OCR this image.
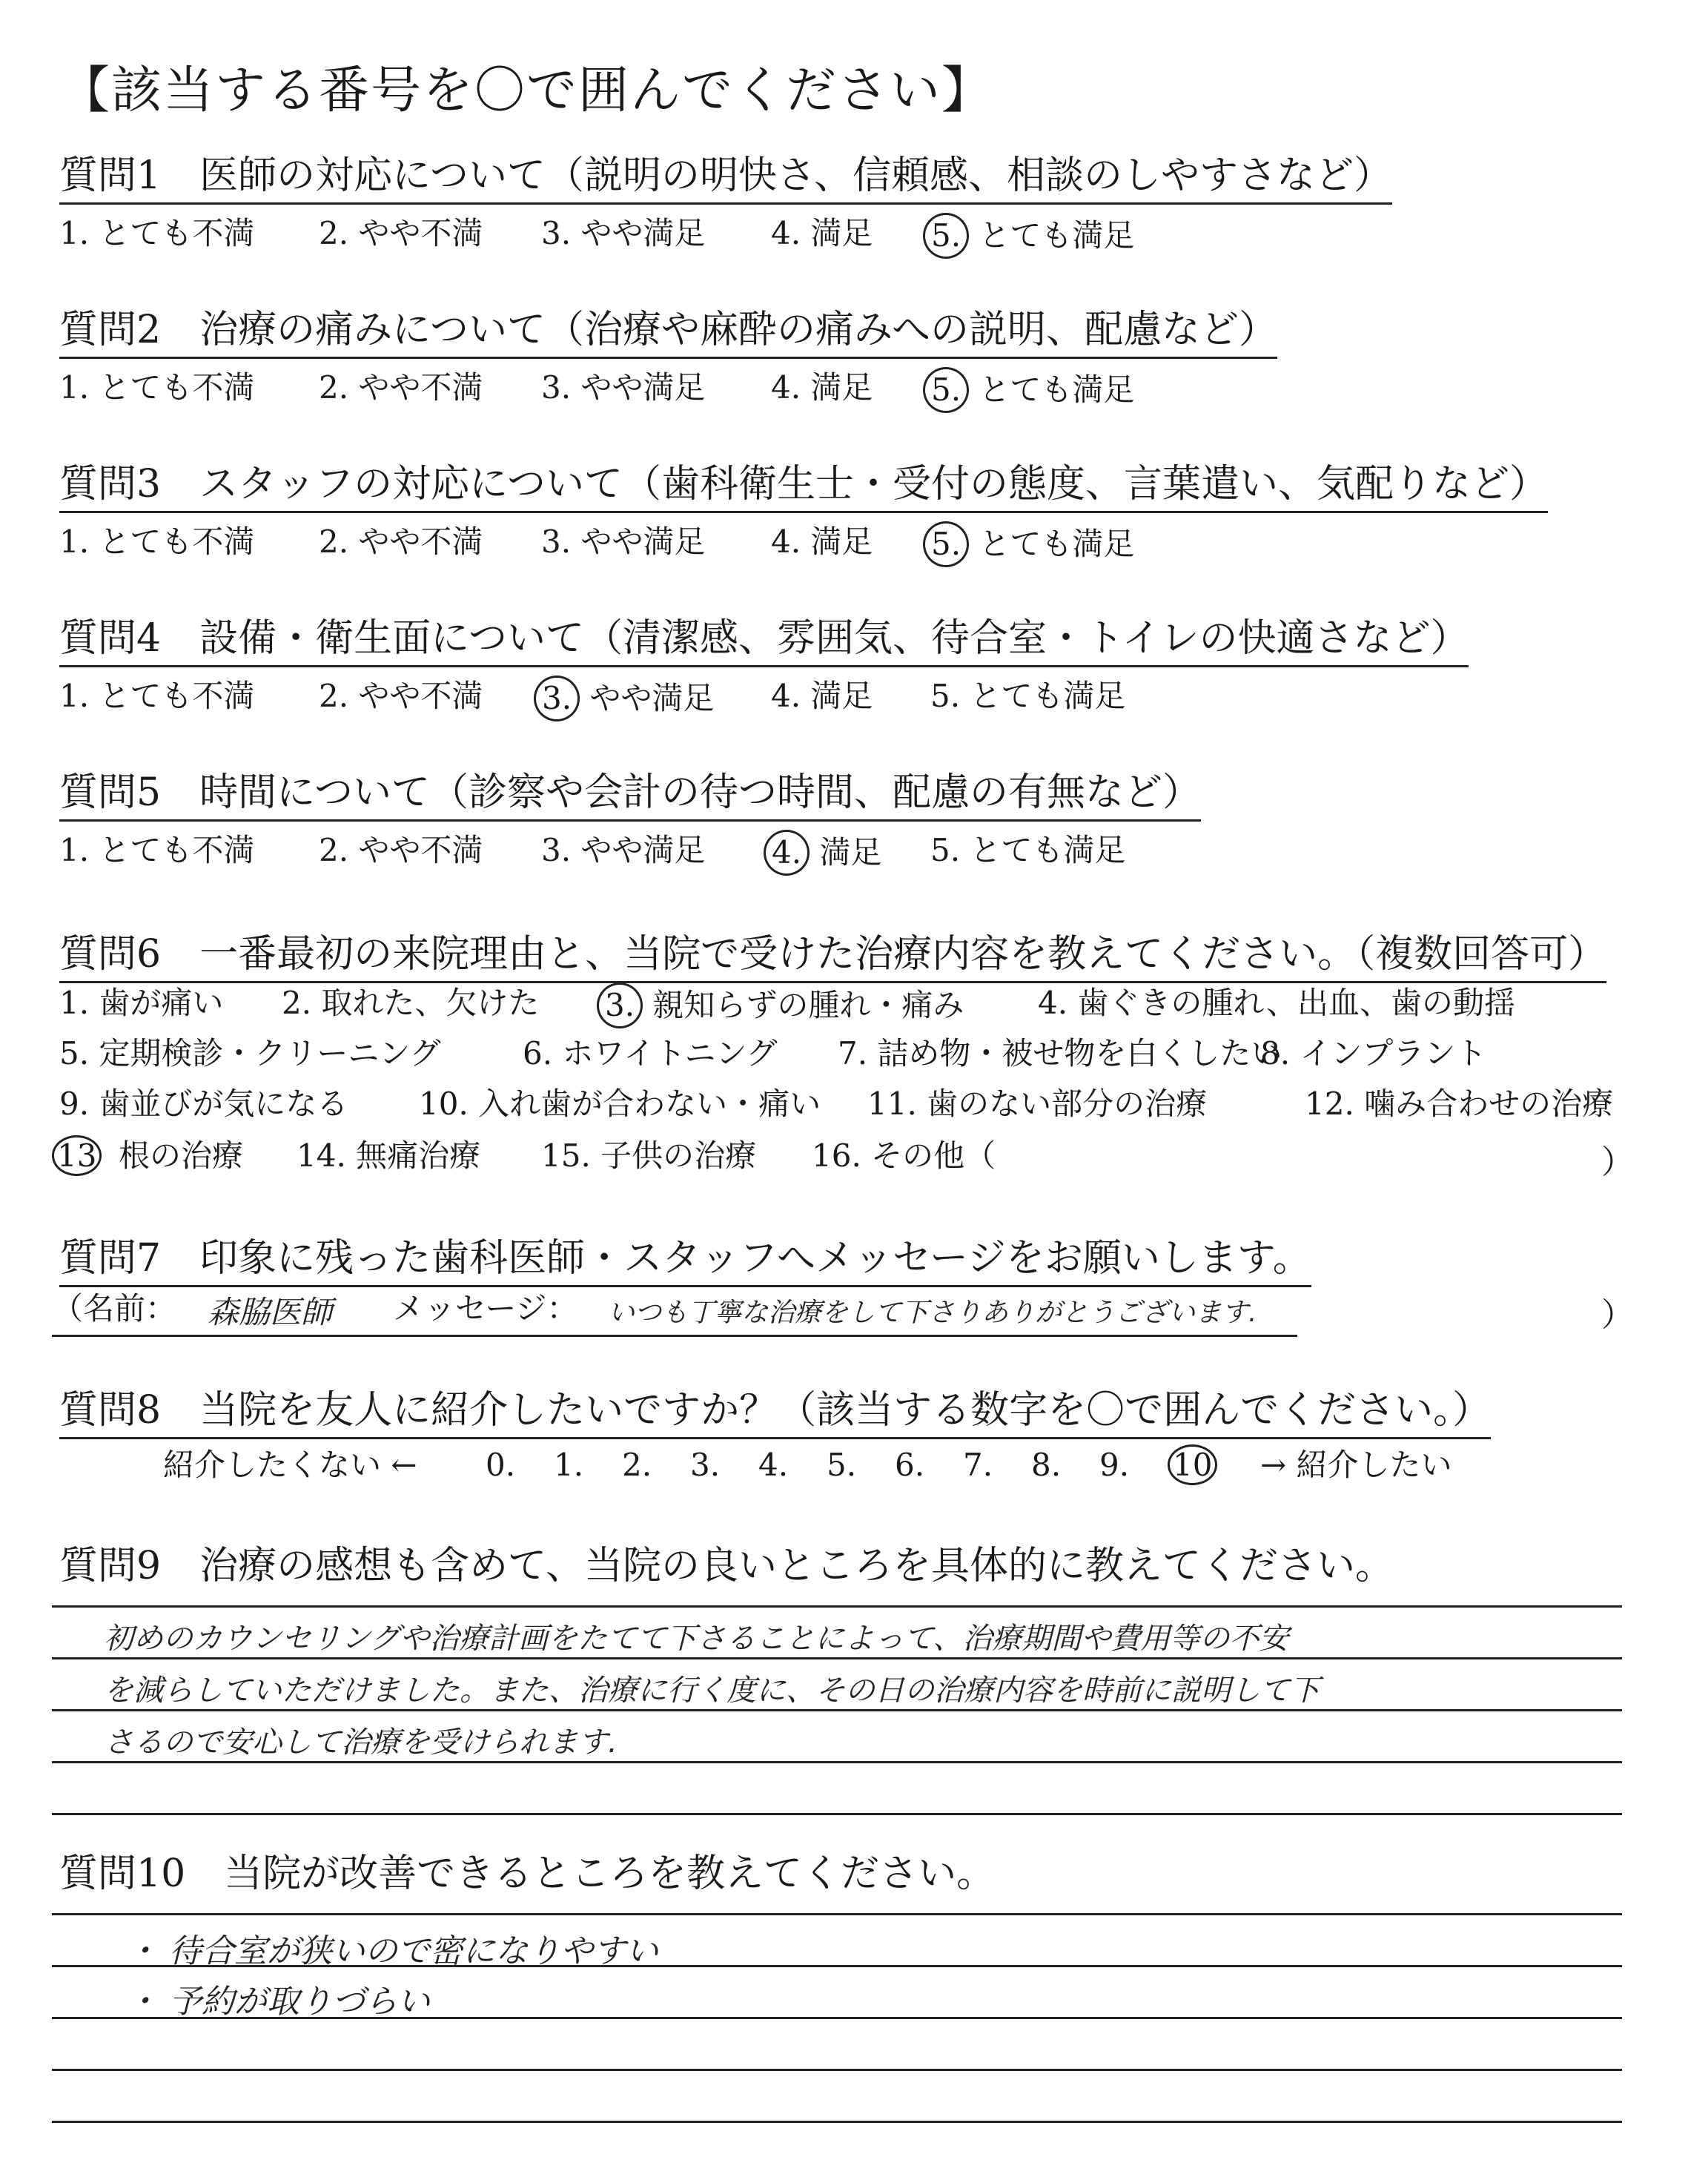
【該当する番号を〇で囲んでください】
質問1　医師の対応について（説明の明快さ、信頼感、相談のしやすさなど）
1. とても不満 2. やや不満 3. やや満足 4. 満足 5. とても満足
質問2　治療の痛みについて（治療や麻酔の痛みへの説明、配慮など）
1. とても不満 2. やや不満 3. やや満足 4. 満足 5. とても満足
質問3　スタッフの対応について（歯科衛生士・受付の態度、言葉遣い、気配りなど）
1. とても不満 2. やや不満 3. やや満足 4. 満足 5. とても満足
質問4　設備・衛生面について（清潔感、雰囲気、待合室・トイレの快適さなど）
1. とても不満 2. やや不満 3. やや満足 4. 満足 5. とても満足
質問5　時間について（診察や会計の待つ時間、配慮の有無など）
1. とても不満 2. やや不満 3. やや満足 4. 満足 5. とても満足
質問6　一番最初の来院理由と、当院で受けた治療内容を教えてください。（複数回答可）
1. 歯が痛い 2. 取れた、欠けた 3. 親知らずの腫れ・痛み 4. 歯ぐきの腫れ、出血、歯の動揺
5. 定期検診・クリーニング	6. ホワイトニング 7. 詰め物・被せ物を白くしたい
8. インプラント
9. 歯並びが気になる 10. 入れ歯が合わない・痛い 11. 歯のない部分の治療	12. 噛み合わせの治療
13 根の治療 14. 無痛治療 15. 子供の治療 16. その他（	）
質問7　印象に残った歯科医師・スタッフへメッセージをお願いします。
（名前： 森脇医師 メッセージ： いつも丁寧な治療をして下さりありがとうございます.	）
質問8　当院を友人に紹介したいですか？（該当する数字を〇で囲んでください。）
紹介したくない ← 0. 1. 2. 3. 4. 5. 6. 7. 8. 9. 10 → 紹介したい
質問9　治療の感想も含めて、当院の良いところを具体的に教えてください。
初めのカウンセリングや治療計画をたてて下さることによって、治療期間や費用等の不安
を減らしていただけました。また、治療に行く度に、その日の治療内容を時前に説明して下
さるので安心して治療を受けられます.
質問10　当院が改善できるところを教えてください。
・ 待合室が狭いので密になりやすい
・ 予約が取りづらい
